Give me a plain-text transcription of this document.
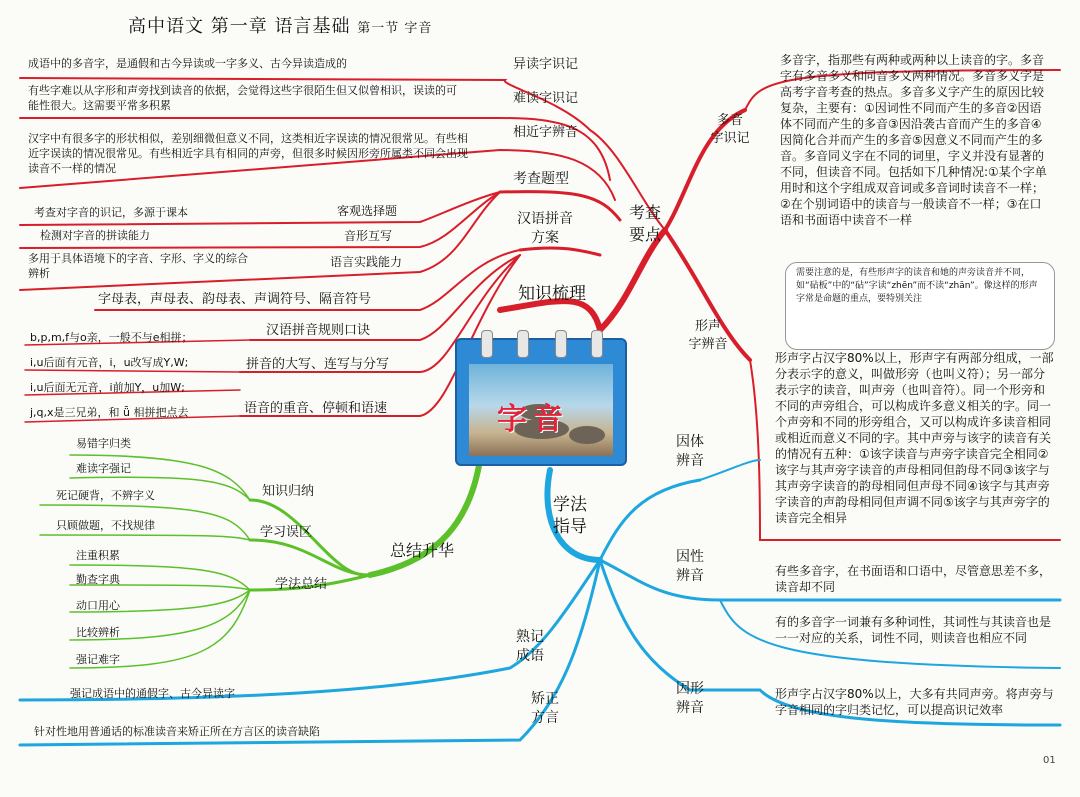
高中语文 第一章 语言基础 第一节 字音
异读字识记
成语中的多音字，是通假和古今异读或一字多义、古今异读造成的
难读字识记
有些字难以从字形和声旁找到读音的依据，会觉得这些字很陌生但又似曾相识，误读的可能性很大。这需要平常多积累
相近字辨音
汉字中有很多字的形状相似，差别细微但意义不同，这类相近字误读的情况很常见。有些相近字误读的情况很常见。有些相近字具有相同的声旁，但很多时候因形旁所属类不同会出现读音不一样的情况
考查题型
客观选择题
考查对字音的识记，多源于课本
音形互写
检测对字音的拼读能力
语言实践能力
多用于具体语境下的字音、字形、字义的综合辨析
汉语拼音
方案
考查
要点
知识梳理
字母表，声母表、韵母表、声调符号、隔音符号
汉语拼音规则口诀
拼音的大写、连写与分写
语音的重音、停顿和语速
b,p,m,f与o亲，一般不与e相拼；
i,u后面有元音，i，u改写成Y,W;
i,u后面无元音，i前加Y，u加W;
j,q,x是三兄弟，和 ǖ 相拼把点去	字音
多音字，指那些有两种或两种以上读音的字。多音字有多音多义和同音多义两种情况。多音多义字是高考字音考查的热点。多音多义字产生的原因比较复杂，主要有：①因词性不同而产生的多音②因语体不同而产生的多音③因沿袭古音而产生的多音④因简化合并而产生的多音⑤因意义不同而产生的多音。多音同义字在不同的词里，字义并没有显著的不同，但读音不同。包括如下几种情况:①某个字单用时和这个字组成双音词或多音词时读音不一样；②在个别词语中的读音与一般读音不一样；③在口语和书面语中读音不一样
多音
字识记
需要注意的是，有些形声字的读音和她的声旁读音并不同，如“砧板”中的“砧”字读“zhēn”而不读“zhān”。像这样的形声字常是命题的重点，要特别关注
形声
字辨音
形声字占汉字80%以上，形声字有两部分组成，一部分表示字的意义，叫做形旁（也叫义符）；另一部分表示字的读音，叫声旁（也叫音符）。同一个形旁和不同的声旁组合，可以构成许多意义相关的字。同一个声旁和不同的形旁组合，又可以构成许多读音相同或相近而意义不同的字。其中声旁与该字的读音有关的情况有五种：①该字读音与声旁字读音完全相同②该字与其声旁字读音的声母相同但韵母不同③该字与其声旁字读音的韵母相同但声母不同④该字与其声旁字读音的声韵母相同但声调不同⑤该字与其声旁字的读音完全相异
因体
辨音
学法
指导
因性
辨音	有些多音字，在书面语和口语中，尽管意思差不多，读音却不同
有的多音字一词兼有多种词性，其词性与其读音也是一一对应的关系，词性不同，则读音也相应不同
因形
辨音
形声字占汉字80%以上，大多有共同声旁。将声旁与字音相同的字归类记忆，可以提高识记效率
熟记
成语
强记成语中的通假字、古今异读字	矫正
方言
针对性地用普通话的标准读音来矫正所在方言区的读音缺陷
总结升华
知识归纳
学习误区
学法总结
易错字归类
难读字强记
死记硬背，不辨字义
只顾做题，不找规律
注重积累
勤查字典
动口用心
比较辨析
强记难字
01
